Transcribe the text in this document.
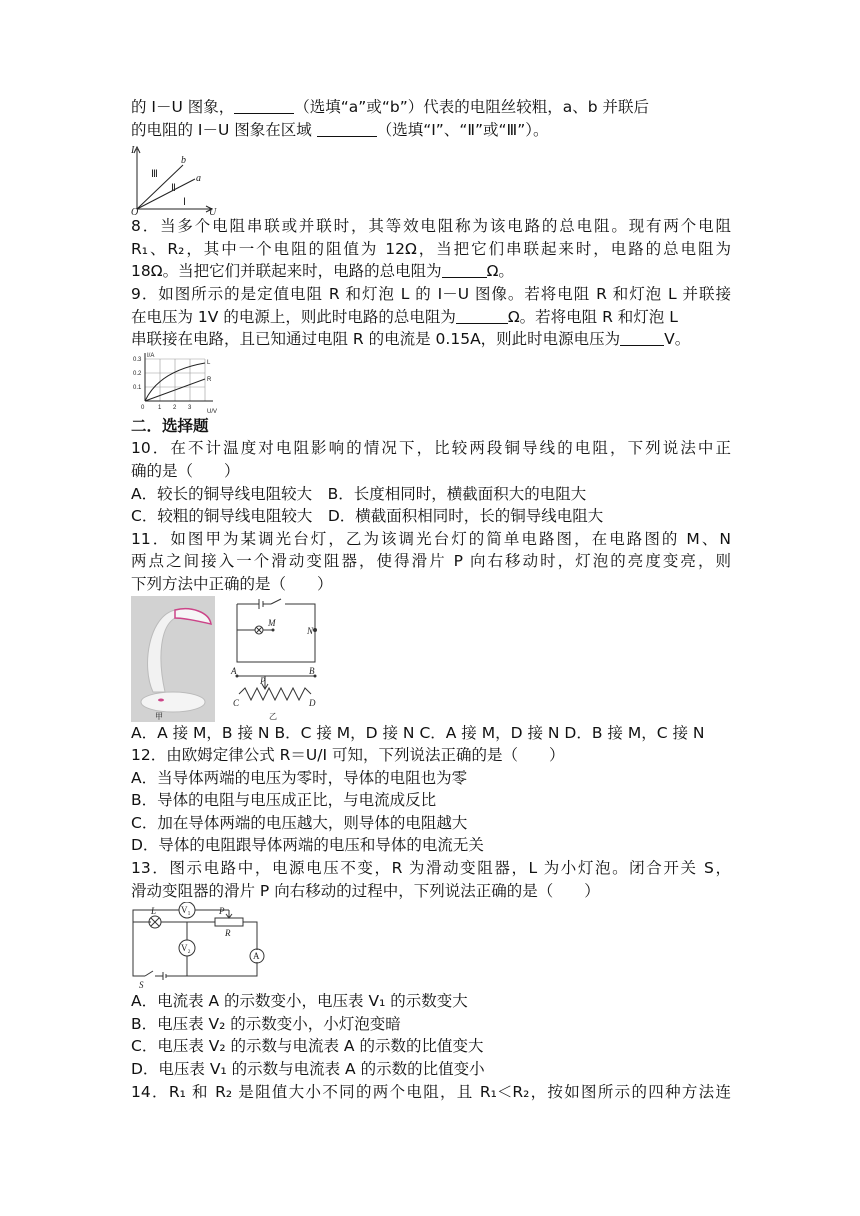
的 I－U 图象，	（选填“a”或“b”）代表的电阻丝较粗，a、b 并联后
的电阻的 I－U 图象在区域	（选填“Ⅰ”、“Ⅱ”或“Ⅲ”）。
I
O	U
b
a
Ⅲ
Ⅱ
Ⅰ
8．当多个电阻串联或并联时，其等效电阻称为该电路的总电阻。现有两个电阻
R₁、R₂，其中一个电阻的阻值为 12Ω，当把它们串联起来时，电路的总电阻为
18Ω。当把它们并联起来时，电路的总电阻为	Ω。
9．如图所示的是定值电阻 R 和灯泡 L 的 I－U 图像。若将电阻 R 和灯泡 L 并联接
在电压为 1V 的电源上，则此时电路的总电阻为	Ω。若将电阻 R 和灯泡 L
串联接在电路，且已知通过电阻 R 的电流是 0.15A，则此时电源电压为	V。
I/A
0.3
0.2
0.1
0 1 2 3
U/V
L
R
二．选择题
10．在不计温度对电阻影响的情况下，比较两段铜导线的电阻，下列说法中正
确的是（　　）
A．较长的铜导线电阻较大　B．长度相同时，横截面积大的电阻大
C．较粗的铜导线电阻较大　D．横截面积相同时，长的铜导线电阻大
11．如图甲为某调光台灯，乙为该调光台灯的简单电路图，在电路图的 M、N
两点之间接入一个滑动变阻器，使得滑片 P 向右移动时，灯泡的亮度变亮，则
下列方法中正确的是（　　）
甲
M
N
A	B
P
C	D
乙
A．A 接 M，B 接 N B．C 接 M，D 接 N C．A 接 M，D 接 N D．B 接 M，C 接 N
12．由欧姆定律公式 R＝U/I 可知，下列说法正确的是（　　）
A．当导体两端的电压为零时，导体的电阻也为零
B．导体的电阻与电压成正比，与电流成反比
C．加在导体两端的电压越大，则导体的电阻越大
D．导体的电阻跟导体两端的电压和导体的电流无关
13．图示电路中，电源电压不变，R 为滑动变阻器，L 为小灯泡。闭合开关 S，
滑动变阻器的滑片 P 向右移动的过程中，下列说法正确的是（　　）
V₁
V₂
A
L	P
R
S
A．电流表 A 的示数变小，电压表 V₁ 的示数变大
B．电压表 V₂ 的示数变小，小灯泡变暗
C．电压表 V₂ 的示数与电流表 A 的示数的比值变大
D．电压表 V₁ 的示数与电流表 A 的示数的比值变小
14．R₁ 和 R₂ 是阻值大小不同的两个电阻，且 R₁＜R₂，按如图所示的四种方法连
